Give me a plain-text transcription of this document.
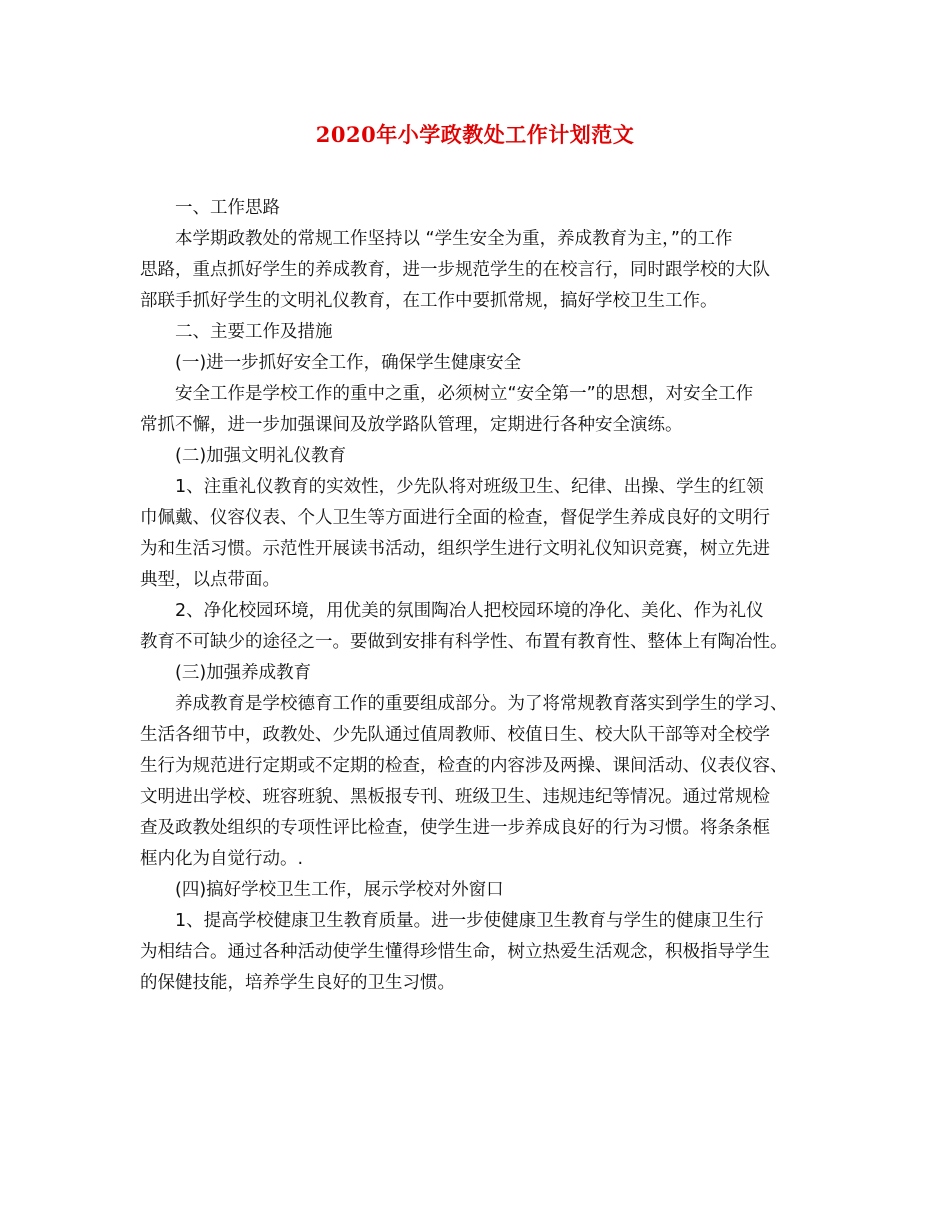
2020年小学政教处工作计划范文
一、工作思路
本学期政教处的常规工作坚持以 “学生安全为重，养成教育为主，”的工作
思路，重点抓好学生的养成教育，进一步规范学生的在校言行，同时跟学校的大队
部联手抓好学生的文明礼仪教育，在工作中要抓常规，搞好学校卫生工作。
二、主要工作及措施
(一)进一步抓好安全工作，确保学生健康安全
安全工作是学校工作的重中之重，必须树立“安全第一”的思想，对安全工作
常抓不懈，进一步加强课间及放学路队管理，定期进行各种安全演练。
(二)加强文明礼仪教育
1、注重礼仪教育的实效性，少先队将对班级卫生、纪律、出操、学生的红领
巾佩戴、仪容仪表、个人卫生等方面进行全面的检查，督促学生养成良好的文明行
为和生活习惯。示范性开展读书活动，组织学生进行文明礼仪知识竞赛，树立先进
典型，以点带面。
2、净化校园环境，用优美的氛围陶冶人把校园环境的净化、美化、作为礼仪
教育不可缺少的途径之一。要做到安排有科学性、布置有教育性、整体上有陶冶性。
(三)加强养成教育
养成教育是学校德育工作的重要组成部分。为了将常规教育落实到学生的学习、
生活各细节中，政教处、少先队通过值周教师、校值日生、校大队干部等对全校学
生行为规范进行定期或不定期的检查，检查的内容涉及两操、课间活动、仪表仪容、
文明进出学校、班容班貌、黑板报专刊、班级卫生、违规违纪等情况。通过常规检
查及政教处组织的专项性评比检查，使学生进一步养成良好的行为习惯。将条条框
框内化为自觉行动。.
(四)搞好学校卫生工作，展示学校对外窗口
1、提高学校健康卫生教育质量。进一步使健康卫生教育与学生的健康卫生行
为相结合。通过各种活动使学生懂得珍惜生命，树立热爱生活观念，积极指导学生
的保健技能，培养学生良好的卫生习惯。
